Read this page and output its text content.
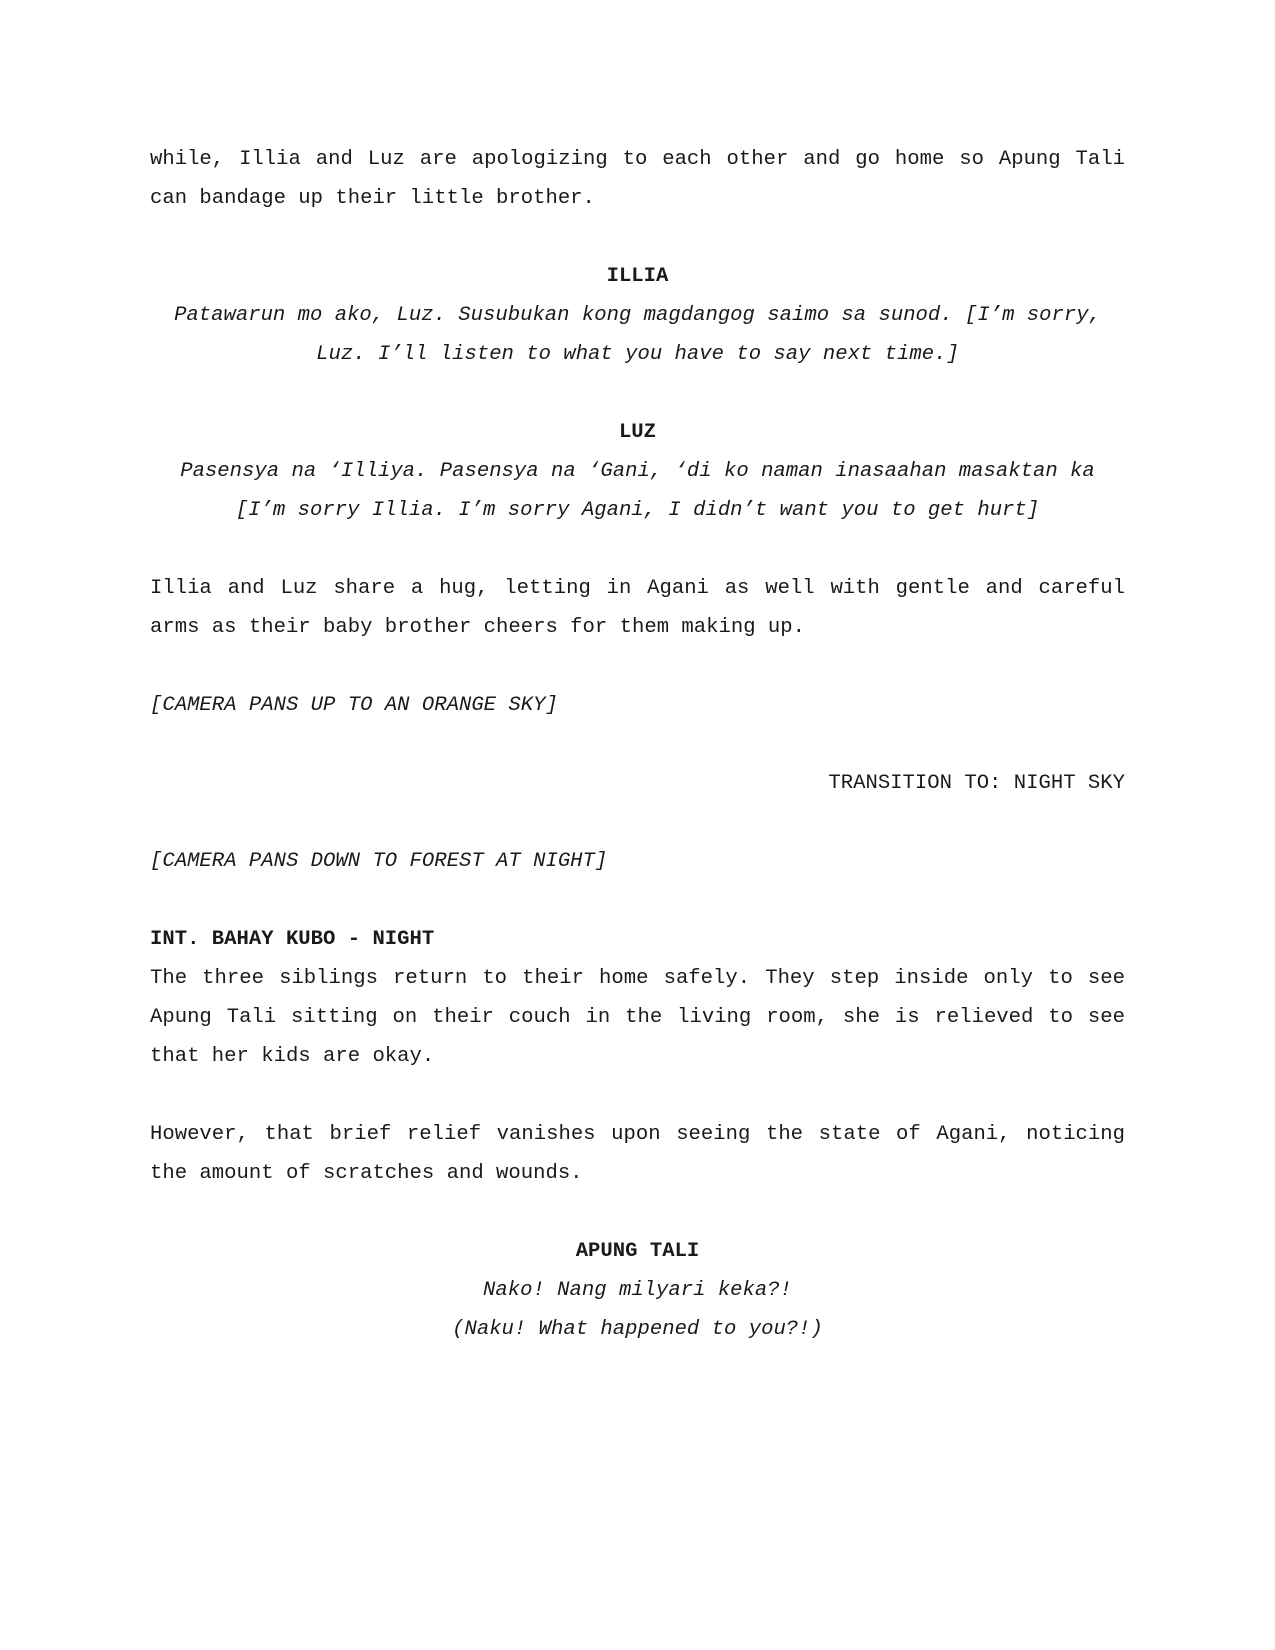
while, Illia and Luz are apologizing to each other and go home so Apung Tali can bandage up their little brother.

ILLIA

Patawarun mo ako, Luz. Susubukan kong magdangog saimo sa sunod. [I’m sorry, Luz. I’ll listen to what you have to say next time.]

LUZ

Pasensya na ‘Illiya. Pasensya na ‘Gani, ‘di ko naman inasaahan masaktan ka [I’m sorry Illia. I’m sorry Agani, I didn’t want you to get hurt]

Illia and Luz share a hug, letting in Agani as well with gentle and careful arms as their baby brother cheers for them making up.

[CAMERA PANS UP TO AN ORANGE SKY]

TRANSITION TO: NIGHT SKY

[CAMERA PANS DOWN TO FOREST AT NIGHT]

INT. BAHAY KUBO - NIGHT

The three siblings return to their home safely. They step inside only to see Apung Tali sitting on their couch in the living room, she is relieved to see that her kids are okay.

However, that brief relief vanishes upon seeing the state of Agani, noticing the amount of scratches and wounds.

APUNG TALI

Nako! Nang milyari keka?!

(Naku! What happened to you?!)
